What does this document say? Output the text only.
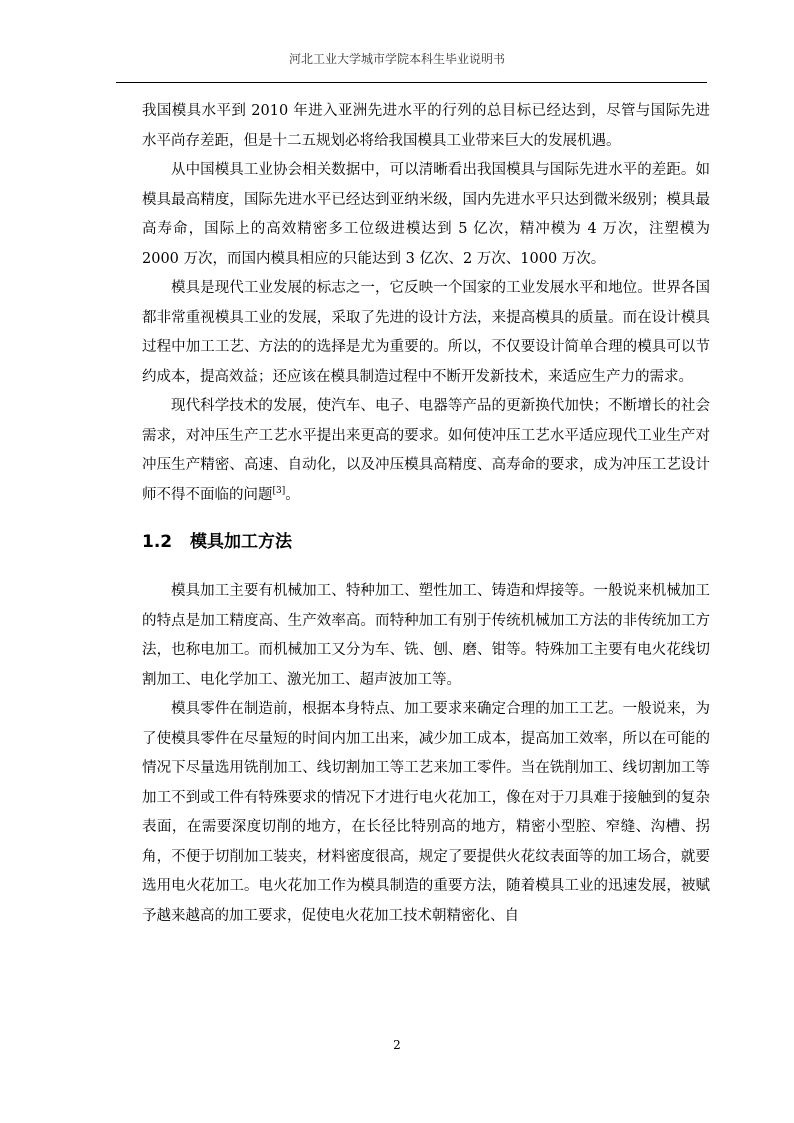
河北工业大学城市学院本科生毕业说明书

我国模具水平到 2010 年进入亚洲先进水平的行列的总目标已经达到，尽管与国际先进水平尚存差距，但是十二五规划必将给我国模具工业带来巨大的发展机遇。

从中国模具工业协会相关数据中，可以清晰看出我国模具与国际先进水平的差距。如模具最高精度，国际先进水平已经达到亚纳米级，国内先进水平只达到微米级别；模具最高寿命，国际上的高效精密多工位级进模达到 5 亿次，精冲模为 4 万次，注塑模为 2000 万次，而国内模具相应的只能达到 3 亿次、2 万次、1000 万次。

模具是现代工业发展的标志之一，它反映一个国家的工业发展水平和地位。世界各国都非常重视模具工业的发展，采取了先进的设计方法，来提高模具的质量。而在设计模具过程中加工工艺、方法的的选择是尤为重要的。所以，不仅要设计简单合理的模具可以节约成本，提高效益；还应该在模具制造过程中不断开发新技术，来适应生产力的需求。

现代科学技术的发展，使汽车、电子、电器等产品的更新换代加快；不断增长的社会需求，对冲压生产工艺水平提出来更高的要求。如何使冲压工艺水平适应现代工业生产对冲压生产精密、高速、自动化，以及冲压模具高精度、高寿命的要求，成为冲压工艺设计师不得不面临的问题[3]。

1.2	模具加工方法

模具加工主要有机械加工、特种加工、塑性加工、铸造和焊接等。一般说来机械加工的特点是加工精度高、生产效率高。而特种加工有别于传统机械加工方法的非传统加工方法，也称电加工。而机械加工又分为车、铣、刨、磨、钳等。特殊加工主要有电火花线切割加工、电化学加工、激光加工、超声波加工等。

模具零件在制造前，根据本身特点、加工要求来确定合理的加工工艺。一般说来，为了使模具零件在尽量短的时间内加工出来，减少加工成本，提高加工效率，所以在可能的情况下尽量选用铣削加工、线切割加工等工艺来加工零件。当在铣削加工、线切割加工等加工不到或工件有特殊要求的情况下才进行电火花加工，像在对于刀具难于接触到的复杂表面，在需要深度切削的地方，在长径比特别高的地方，精密小型腔、窄缝、沟槽、拐角，不便于切削加工装夹，材料密度很高，规定了要提供火花纹表面等的加工场合，就要选用电火花加工。电火花加工作为模具制造的重要方法，随着模具工业的迅速发展，被赋予越来越高的加工要求，促使电火花加工技术朝精密化、自

2
